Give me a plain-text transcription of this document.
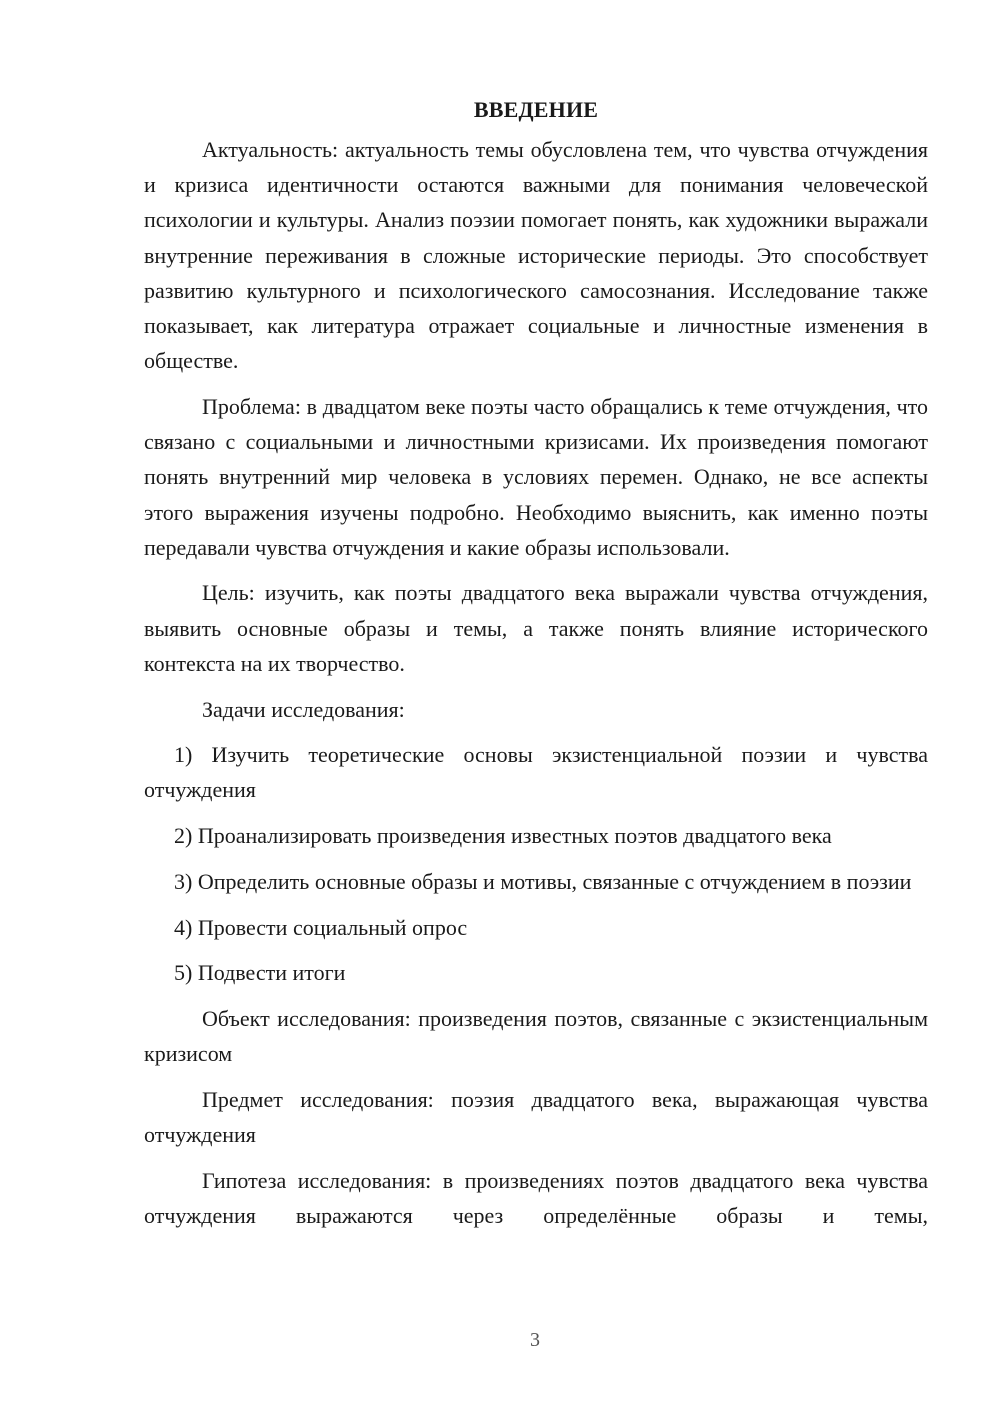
ВВЕДЕНИЕ

Актуальность: актуальность темы обусловлена тем, что чувства отчуждения и кризиса идентичности остаются важными для понимания человеческой психологии и культуры. Анализ поэзии помогает понять, как художники выражали внутренние переживания в сложные исторические периоды. Это способствует развитию культурного и психологического самосознания. Исследование также показывает, как литература отражает социальные и личностные изменения в обществе.

Проблема: в двадцатом веке поэты часто обращались к теме отчуждения, что связано с социальными и личностными кризисами. Их произведения помогают понять внутренний мир человека в условиях перемен. Однако, не все аспекты этого выражения изучены подробно. Необходимо выяснить, как именно поэты передавали чувства отчуждения и какие образы использовали.

Цель: изучить, как поэты двадцатого века выражали чувства отчуждения, выявить основные образы и темы, а также понять влияние исторического контекста на их творчество.

Задачи исследования:

1) Изучить теоретические основы экзистенциальной поэзии и чувства отчуждения

2) Проанализировать произведения известных поэтов двадцатого века

3) Определить основные образы и мотивы, связанные с отчуждением в поэзии

4) Провести социальный опрос

5) Подвести итоги

Объект исследования: произведения поэтов, связанные с экзистенциальным кризисом

Предмет исследования: поэзия двадцатого века, выражающая чувства отчуждения

Гипотеза исследования: в произведениях поэтов двадцатого века чувства отчуждения выражаются через определённые образы и темы,

3
